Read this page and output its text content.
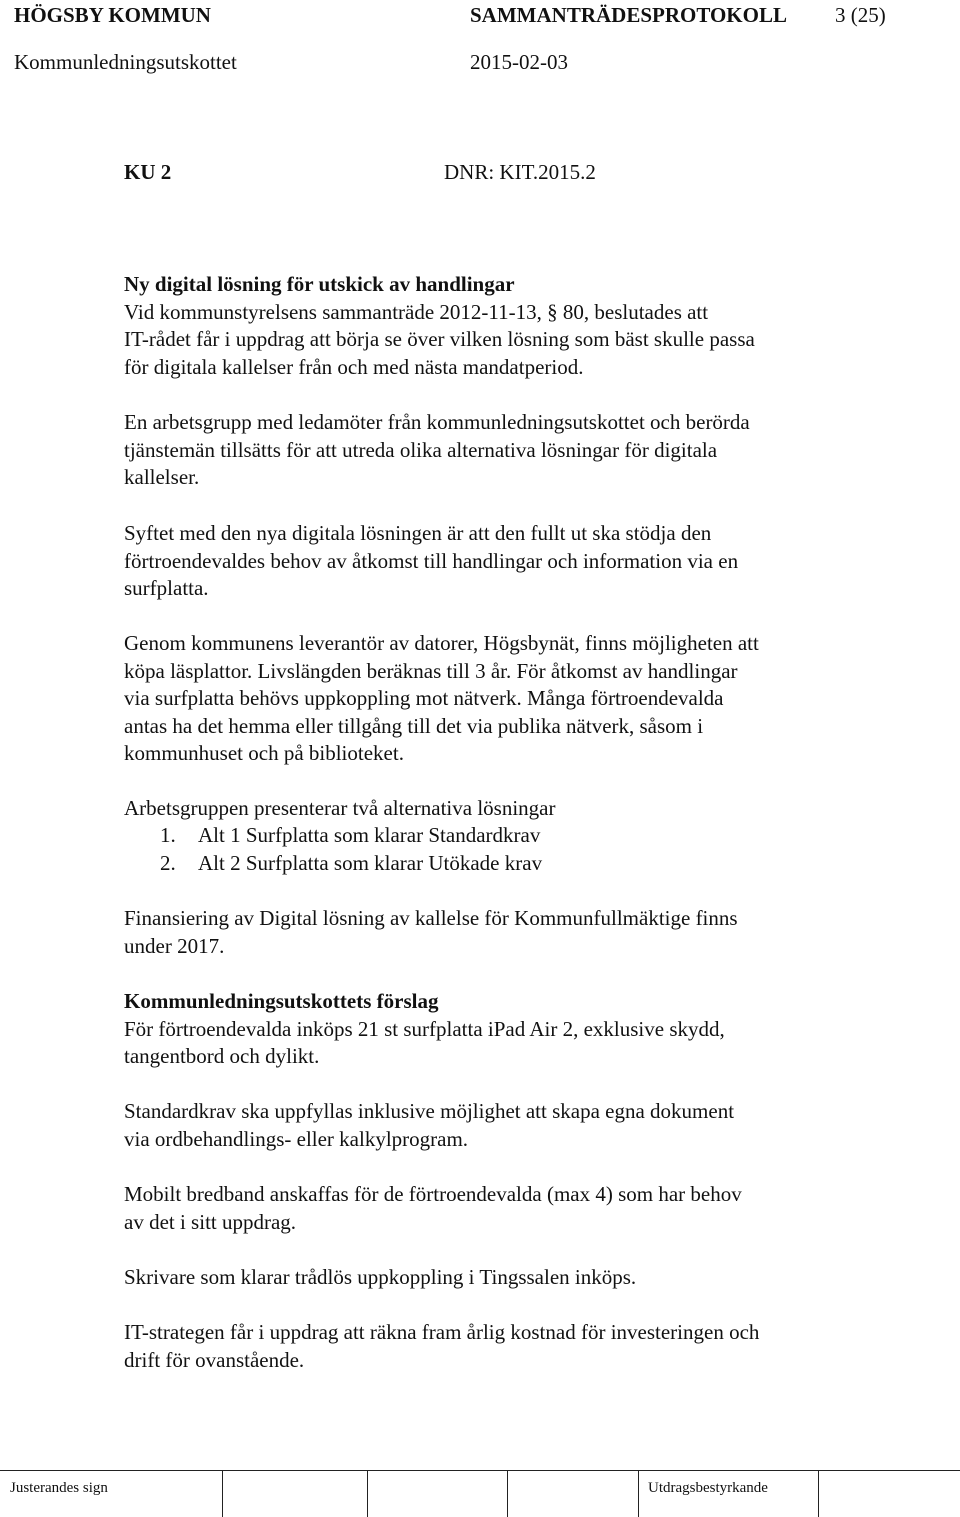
HÖGSBY KOMMUN	SAMMANTRÄDESPROTOKOLL 3 (25)
Kommunledningsutskottet	2015-02-03
KU 2	DNR: KIT.2015.2
Ny digital lösning för utskick av handlingar
Vid kommunstyrelsens sammanträde 2012-11-13, § 80, beslutades att
IT-rådet får i uppdrag att börja se över vilken lösning som bäst skulle passa
för digitala kallelser från och med nästa mandatperiod.
En arbetsgrupp med ledamöter från kommunledningsutskottet och berörda
tjänstemän tillsätts för att utreda olika alternativa lösningar för digitala
kallelser.
Syftet med den nya digitala lösningen är att den fullt ut ska stödja den
förtroendevaldes behov av åtkomst till handlingar och information via en
surfplatta.
Genom kommunens leverantör av datorer, Högsbynät, finns möjligheten att
köpa läsplattor. Livslängden beräknas till 3 år. För åtkomst av handlingar
via surfplatta behövs uppkoppling mot nätverk. Många förtroendevalda
antas ha det hemma eller tillgång till det via publika nätverk, såsom i
kommunhuset och på biblioteket.
Arbetsgruppen presenterar två alternativa lösningar
1. Alt 1 Surfplatta som klarar Standardkrav
2. Alt 2 Surfplatta som klarar Utökade krav
Finansiering av Digital lösning av kallelse för Kommunfullmäktige finns
under 2017.
Kommunledningsutskottets förslag
För förtroendevalda inköps 21 st surfplatta iPad Air 2, exklusive skydd,
tangentbord och dylikt.
Standardkrav ska uppfyllas inklusive möjlighet att skapa egna dokument
via ordbehandlings- eller kalkylprogram.
Mobilt bredband anskaffas för de förtroendevalda (max 4) som har behov
av det i sitt uppdrag.
Skrivare som klarar trådlös uppkoppling i Tingssalen inköps.
IT-strategen får i uppdrag att räkna fram årlig kostnad för investeringen och
drift för ovanstående.
Justerandes sign	Utdragsbestyrkande
